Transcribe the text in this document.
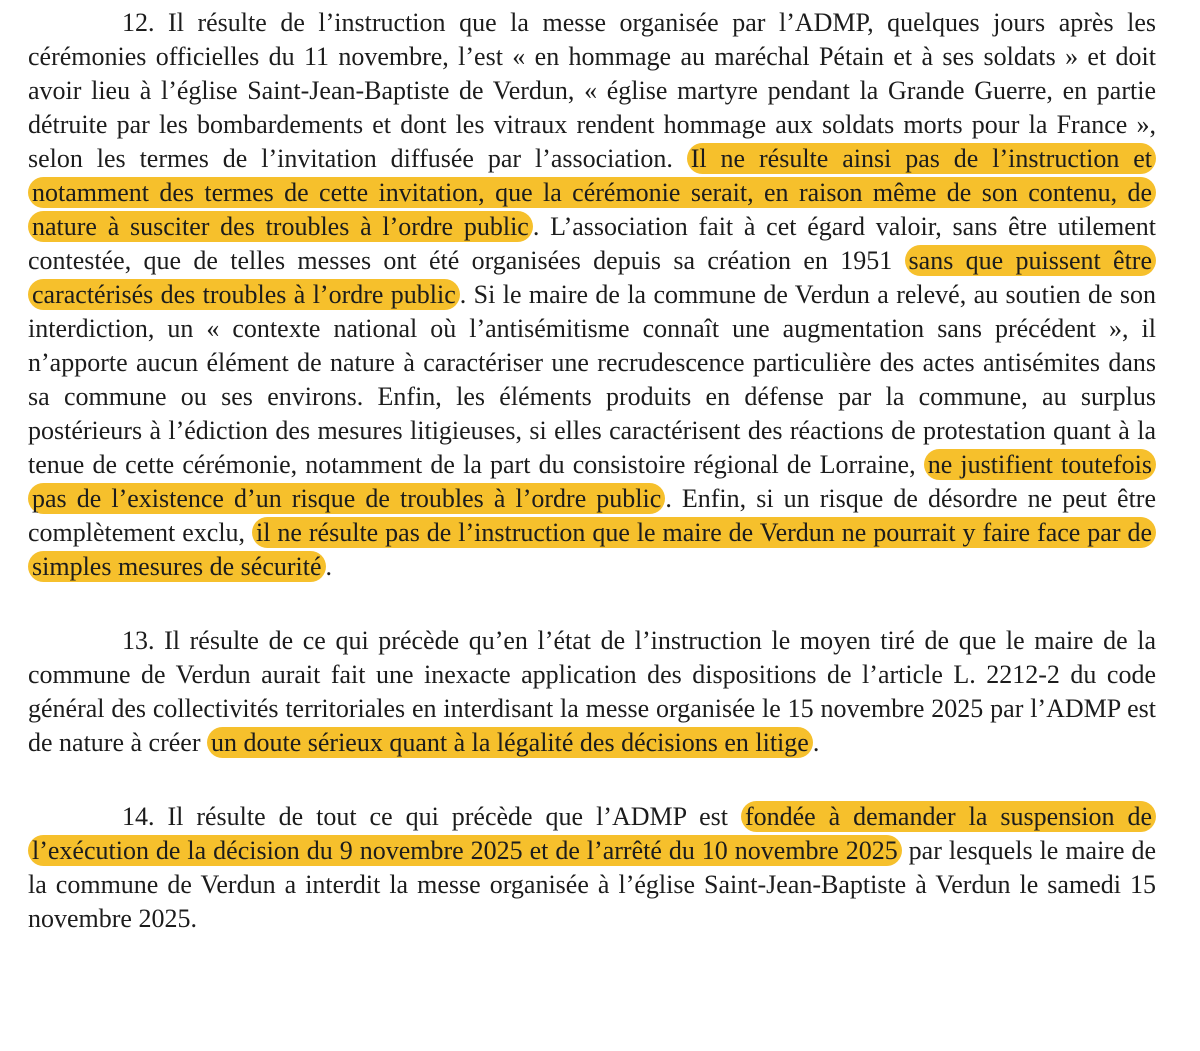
12. Il résulte de l’instruction que la messe organisée par l’ADMP, quelques jours après les cérémonies officielles du 11 novembre, l’est « en hommage au maréchal Pétain et à ses soldats » et doit avoir lieu à l’église Saint-Jean-Baptiste de Verdun, « église martyre pendant la Grande Guerre, en partie détruite par les bombardements et dont les vitraux rendent hommage aux soldats morts pour la France », selon les termes de l’invitation diffusée par l’association. Il ne résulte ainsi pas de l’instruction et notamment des termes de cette invitation, que la cérémonie serait, en raison même de son contenu, de nature à susciter des troubles à l’ordre public . L’association fait à cet égard valoir, sans être utilement contestée, que de telles messes ont été organisées depuis sa création en 1951 sans que puissent être caractérisés des troubles à l’ordre public . Si le maire de la commune de Verdun a relevé, au soutien de son interdiction, un « contexte national où l’antisémitisme connaît une augmentation sans précédent », il n’apporte aucun élément de nature à caractériser une recrudescence particulière des actes antisémites dans sa commune ou ses environs. Enfin, les éléments produits en défense par la commune, au surplus postérieurs à l’édiction des mesures litigieuses, si elles caractérisent des réactions de protestation quant à la tenue de cette cérémonie, notamment de la part du consistoire régional de Lorraine, ne justifient toutefois pas de l’existence d’un risque de troubles à l’ordre public . Enfin, si un risque de désordre ne peut être complètement exclu, il ne résulte pas de l’instruction que le maire de Verdun ne pourrait y faire face par de simples mesures de sécurité .

13. Il résulte de ce qui précède qu’en l’état de l’instruction le moyen tiré de que le maire de la commune de Verdun aurait fait une inexacte application des dispositions de l’article L. 2212-2 du code général des collectivités territoriales en interdisant la messe organisée le 15 novembre 2025 par l’ADMP est de nature à créer un doute sérieux quant à la légalité des décisions en litige .

14. Il résulte de tout ce qui précède que l’ADMP est fondée à demander la suspension de l’exécution de la décision du 9 novembre 2025 et de l’arrêté du 10 novembre 2025 par lesquels le maire de la commune de Verdun a interdit la messe organisée à l’église Saint-Jean-Baptiste à Verdun le samedi 15 novembre 2025.
